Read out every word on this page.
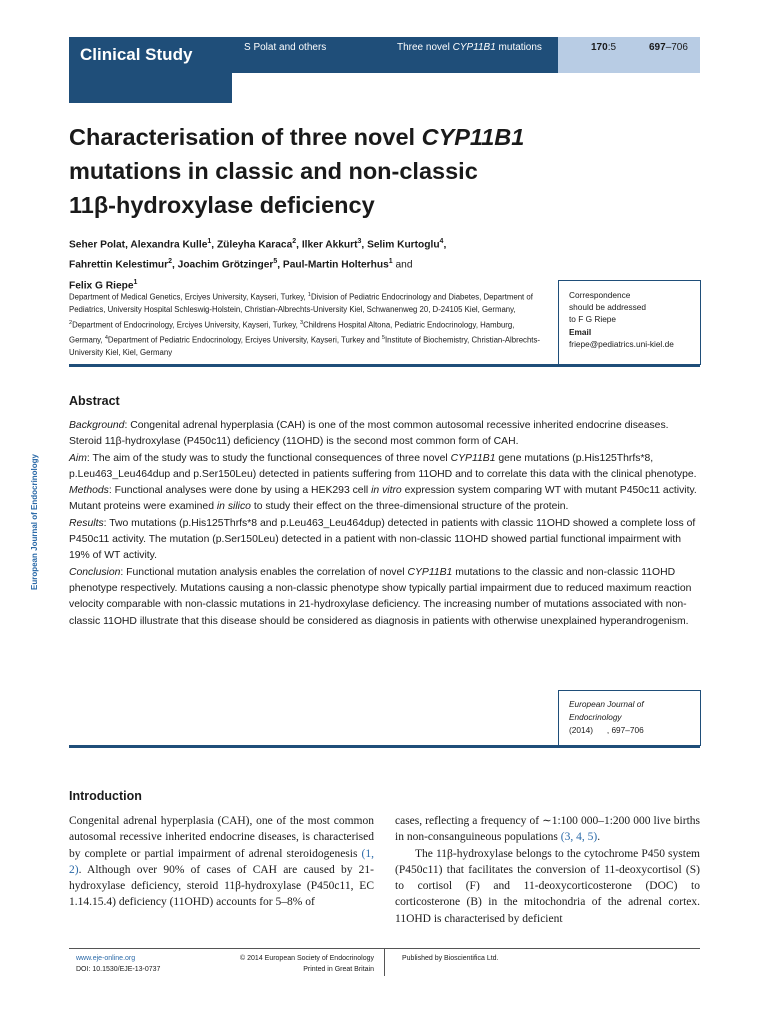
Clinical Study	S Polat and others	Three novel CYP11B1 mutations	170:5	697–706
Characterisation of three novel CYP11B1
mutations in classic and non-classic
11β-hydroxylase deficiency
Seher Polat, Alexandra Kulle$^1$, Züleyha Karaca$^2$, Ilker Akkurt$^3$, Selim Kurtoglu$^4$,
Fahrettin Kelestimur$^2$, Joachim Grötzinger$^5$, Paul-Martin Holterhus$^1$ and
Felix G Riepe$^1$
Department of Medical Genetics, Erciyes University, Kayseri, Turkey, $^1$Division of Pediatric Endocrinology and Diabetes, Department of Pediatrics, University Hospital Schleswig-Holstein, Christian-Albrechts-University Kiel, Schwanenweg 20, D-24105 Kiel, Germany, $^2$Department of Endocrinology, Erciyes University, Kayseri, Turkey, $^3$Childrens Hospital Altona, Pediatric Endocrinology, Hamburg, Germany, $^4$Department of Pediatric Endocrinology, Erciyes University, Kayseri, Turkey and $^5$Institute of Biochemistry, Christian-Albrechts-University Kiel, Kiel, Germany
Correspondence
should be addressed
to F G Riepe
Email
friepe@pediatrics.uni-kiel.de
European Journal of Endocrinology
Abstract

Background: Congenital adrenal hyperplasia (CAH) is one of the most common autosomal recessive inherited endocrine diseases. Steroid 11β-hydroxylase (P450c11) deficiency (11OHD) is the second most common form of CAH.

Aim: The aim of the study was to study the functional consequences of three novel CYP11B1 gene mutations (p.His125Thrfs*8, p.Leu463_Leu464dup and p.Ser150Leu) detected in patients suffering from 11OHD and to correlate this data with the clinical phenotype.

Methods: Functional analyses were done by using a HEK293 cell in vitro expression system comparing WT with mutant P450c11 activity. Mutant proteins were examined in silico to study their effect on the three-dimensional structure of the protein.

Results: Two mutations (p.His125Thrfs*8 and p.Leu463_Leu464dup) detected in patients with classic 11OHD showed a complete loss of P450c11 activity. The mutation (p.Ser150Leu) detected in a patient with non-classic 11OHD showed partial functional impairment with 19% of WT activity.

Conclusion: Functional mutation analysis enables the correlation of novel CYP11B1 mutations to the classic and non-classic 11OHD phenotype respectively. Mutations causing a non-classic phenotype show typically partial impairment due to reduced maximum reaction velocity comparable with non-classic mutations in 21-hydroxylase deficiency. The increasing number of mutations associated with non-classic 11OHD illustrate that this disease should be considered as diagnosis in patients with otherwise unexplained hyperandrogenism.

European Journal of
Endocrinology
(2014) , 697–706
Introduction

Congenital adrenal hyperplasia (CAH), one of the most common autosomal recessive inherited endocrine diseases, is characterised by complete or partial impairment of adrenal steroidogenesis (1, 2). Although over 90% of cases of CAH are caused by 21-hydroxylase deficiency, steroid 11β-hydroxylase (P450c11, EC 1.14.15.4) deficiency (11OHD) accounts for 5–8% of

cases, reflecting a frequency of ∼1:100 000–1:200 000 live births in non-consanguineous populations (3, 4, 5).

The 11β-hydroxylase belongs to the cytochrome P450 system (P450c11) that facilitates the conversion of 11-deoxycortisol (S) to cortisol (F) and 11-deoxycorticosterone (DOC) to corticosterone (B) in the mitochondria of the adrenal cortex. 11OHD is characterised by deficient

www.eje-online.org
DOI: 10.1530/EJE-13-0737
© 2014 European Society of Endocrinology
Printed in Great Britain
Published by Bioscientifica Ltd.
